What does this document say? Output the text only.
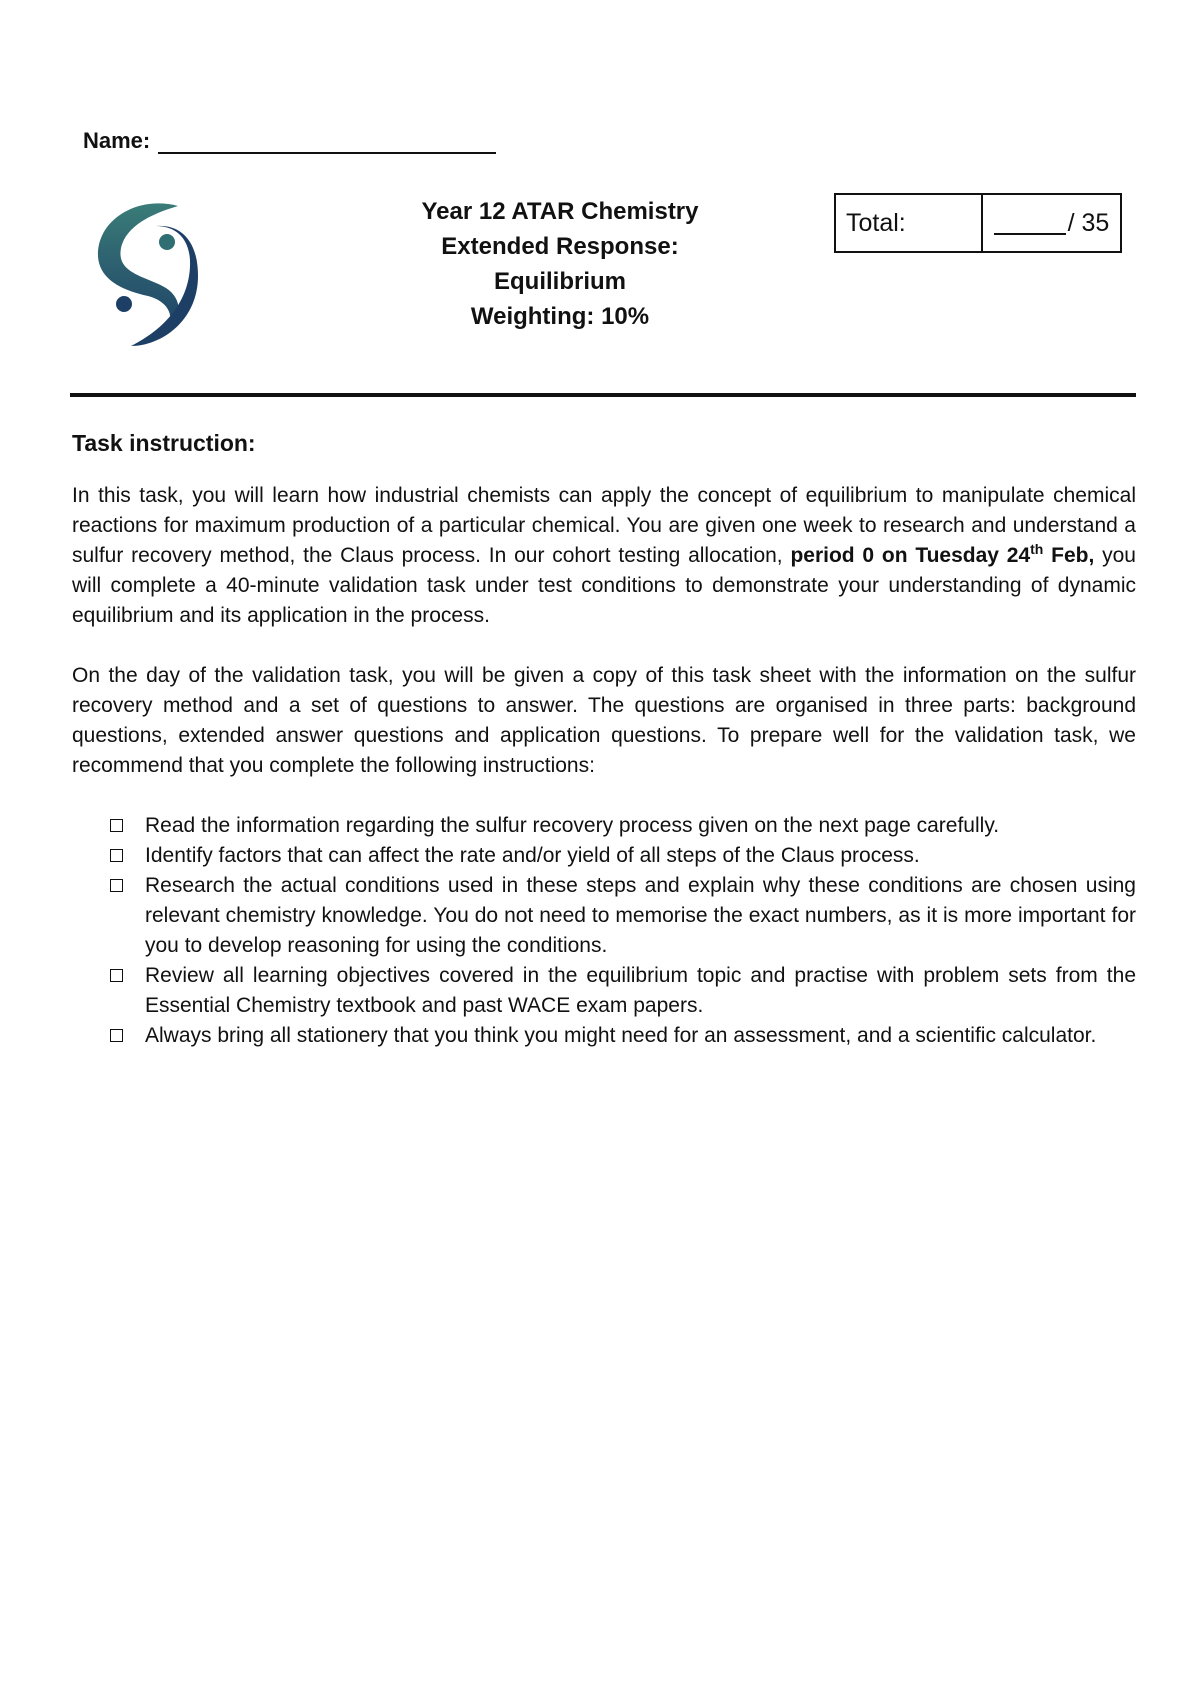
Name:
Year 12 ATAR Chemistry
Extended Response:
Equilibrium
Weighting: 10%
Total:	/ 35
Task instruction:

In this task, you will learn how industrial chemists can apply the concept of equilibrium to manipulate chemical reactions for maximum production of a particular chemical. You are given one week to research and understand a sulfur recovery method, the Claus process. In our cohort testing allocation, period 0 on Tuesday 24th Feb, you will complete a 40-minute validation task under test conditions to demonstrate your understanding of dynamic equilibrium and its application in the process.

On the day of the validation task, you will be given a copy of this task sheet with the information on the sulfur recovery method and a set of questions to answer. The questions are organised in three parts: background questions, extended answer questions and application questions. To prepare well for the validation task, we recommend that you complete the following instructions:

Read the information regarding the sulfur recovery process given on the next page carefully.
Identify factors that can affect the rate and/or yield of all steps of the Claus process.
Research the actual conditions used in these steps and explain why these conditions are chosen using relevant chemistry knowledge. You do not need to memorise the exact numbers, as it is more important for you to develop reasoning for using the conditions.
Review all learning objectives covered in the equilibrium topic and practise with problem sets from the Essential Chemistry textbook and past WACE exam papers.
Always bring all stationery that you think you might need for an assessment, and a scientific calculator.
